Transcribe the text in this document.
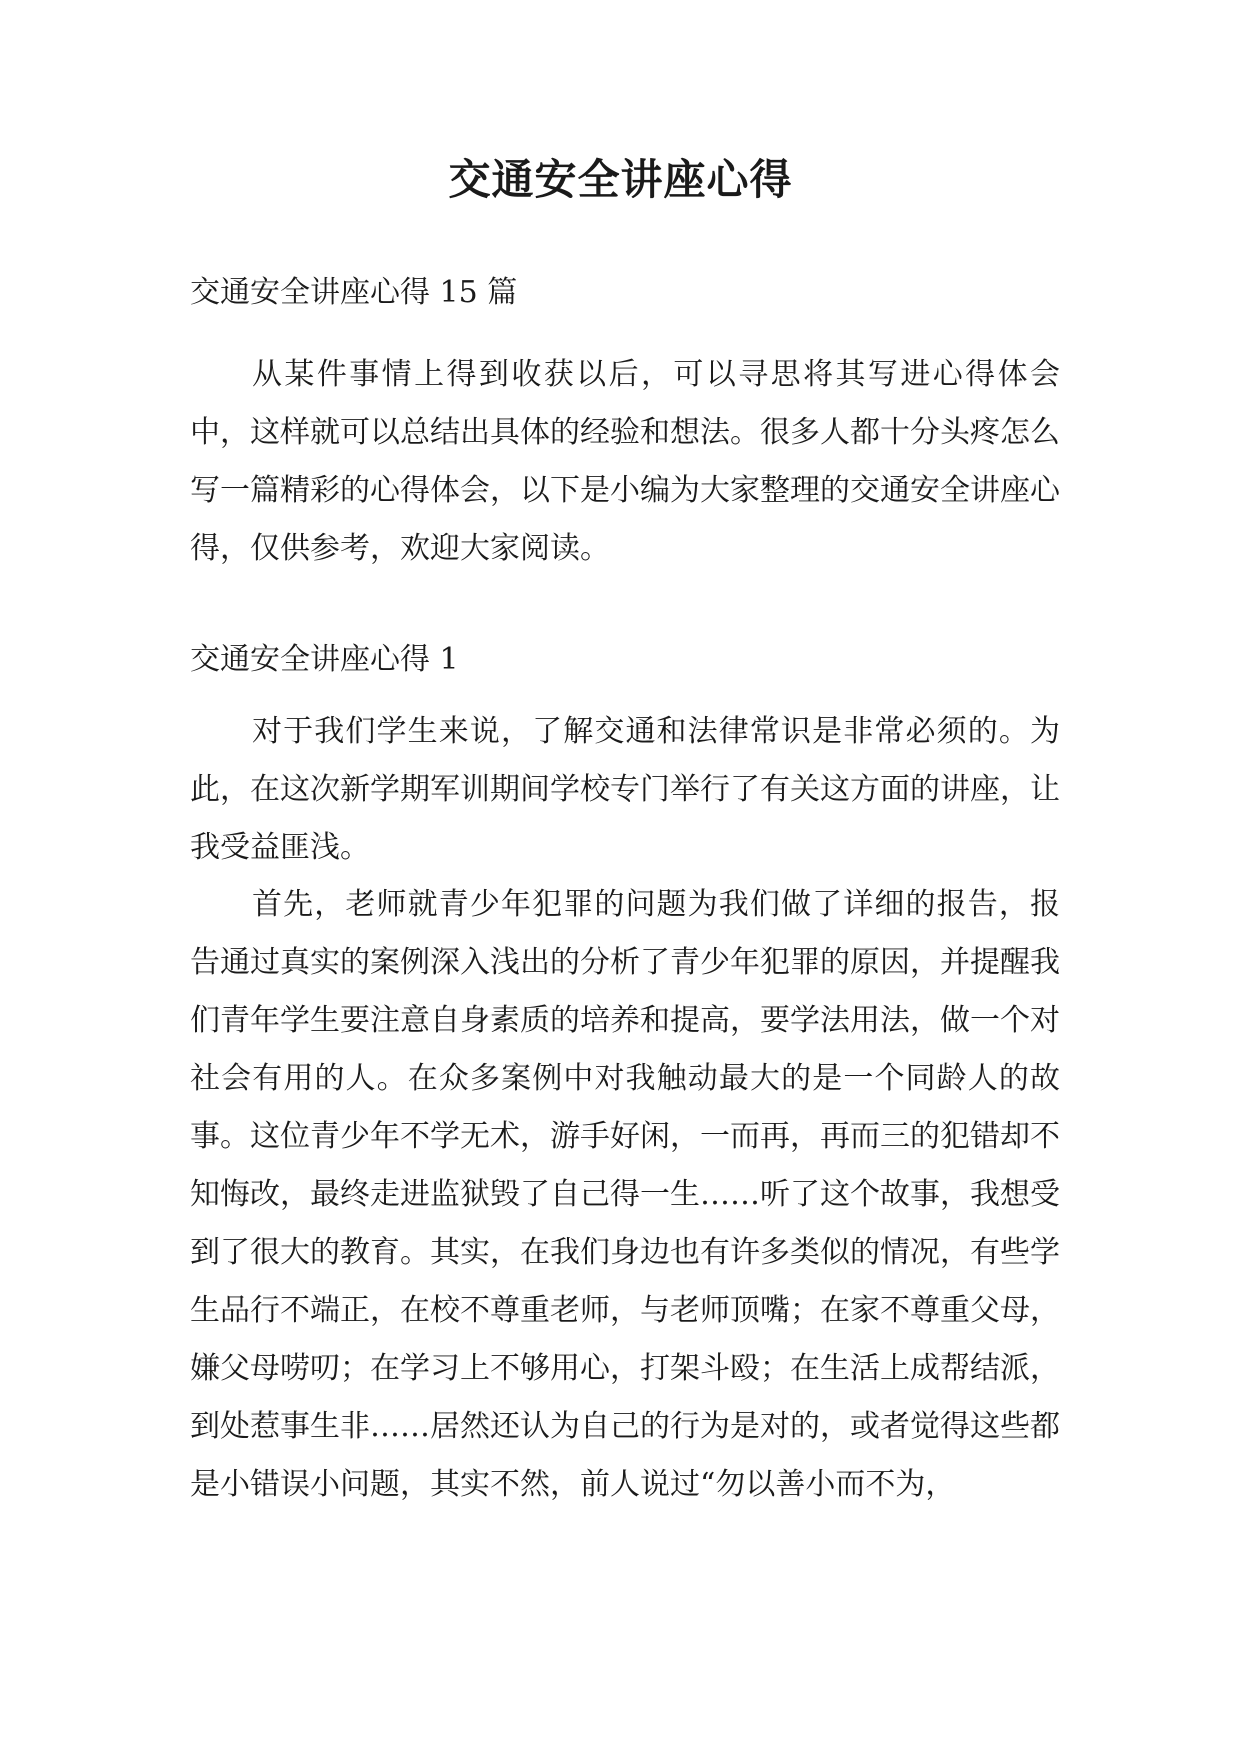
交通安全讲座心得

交通安全讲座心得 15 篇

从某件事情上得到收获以后，可以寻思将其写进心得体会中，这样就可以总结出具体的经验和想法。很多人都十分头疼怎么写一篇精彩的心得体会，以下是小编为大家整理的交通安全讲座心得，仅供参考，欢迎大家阅读。

交通安全讲座心得 1

对于我们学生来说，了解交通和法律常识是非常必须的。为此，在这次新学期军训期间学校专门举行了有关这方面的讲座，让我受益匪浅。

首先，老师就青少年犯罪的问题为我们做了详细的报告，报告通过真实的案例深入浅出的分析了青少年犯罪的原因，并提醒我们青年学生要注意自身素质的培养和提高，要学法用法，做一个对社会有用的人。在众多案例中对我触动最大的是一个同龄人的故事。这位青少年不学无术，游手好闲，一而再，再而三的犯错却不知悔改，最终走进监狱毁了自己得一生……听了这个故事，我想受到了很大的教育。其实，在我们身边也有许多类似的情况，有些学生品行不端正，在校不尊重老师，与老师顶嘴；在家不尊重父母，嫌父母唠叨；在学习上不够用心，打架斗殴；在生活上成帮结派，到处惹事生非……居然还认为自己的行为是对的，或者觉得这些都是小错误小问题，其实不然，前人说过“勿以善小而不为，
